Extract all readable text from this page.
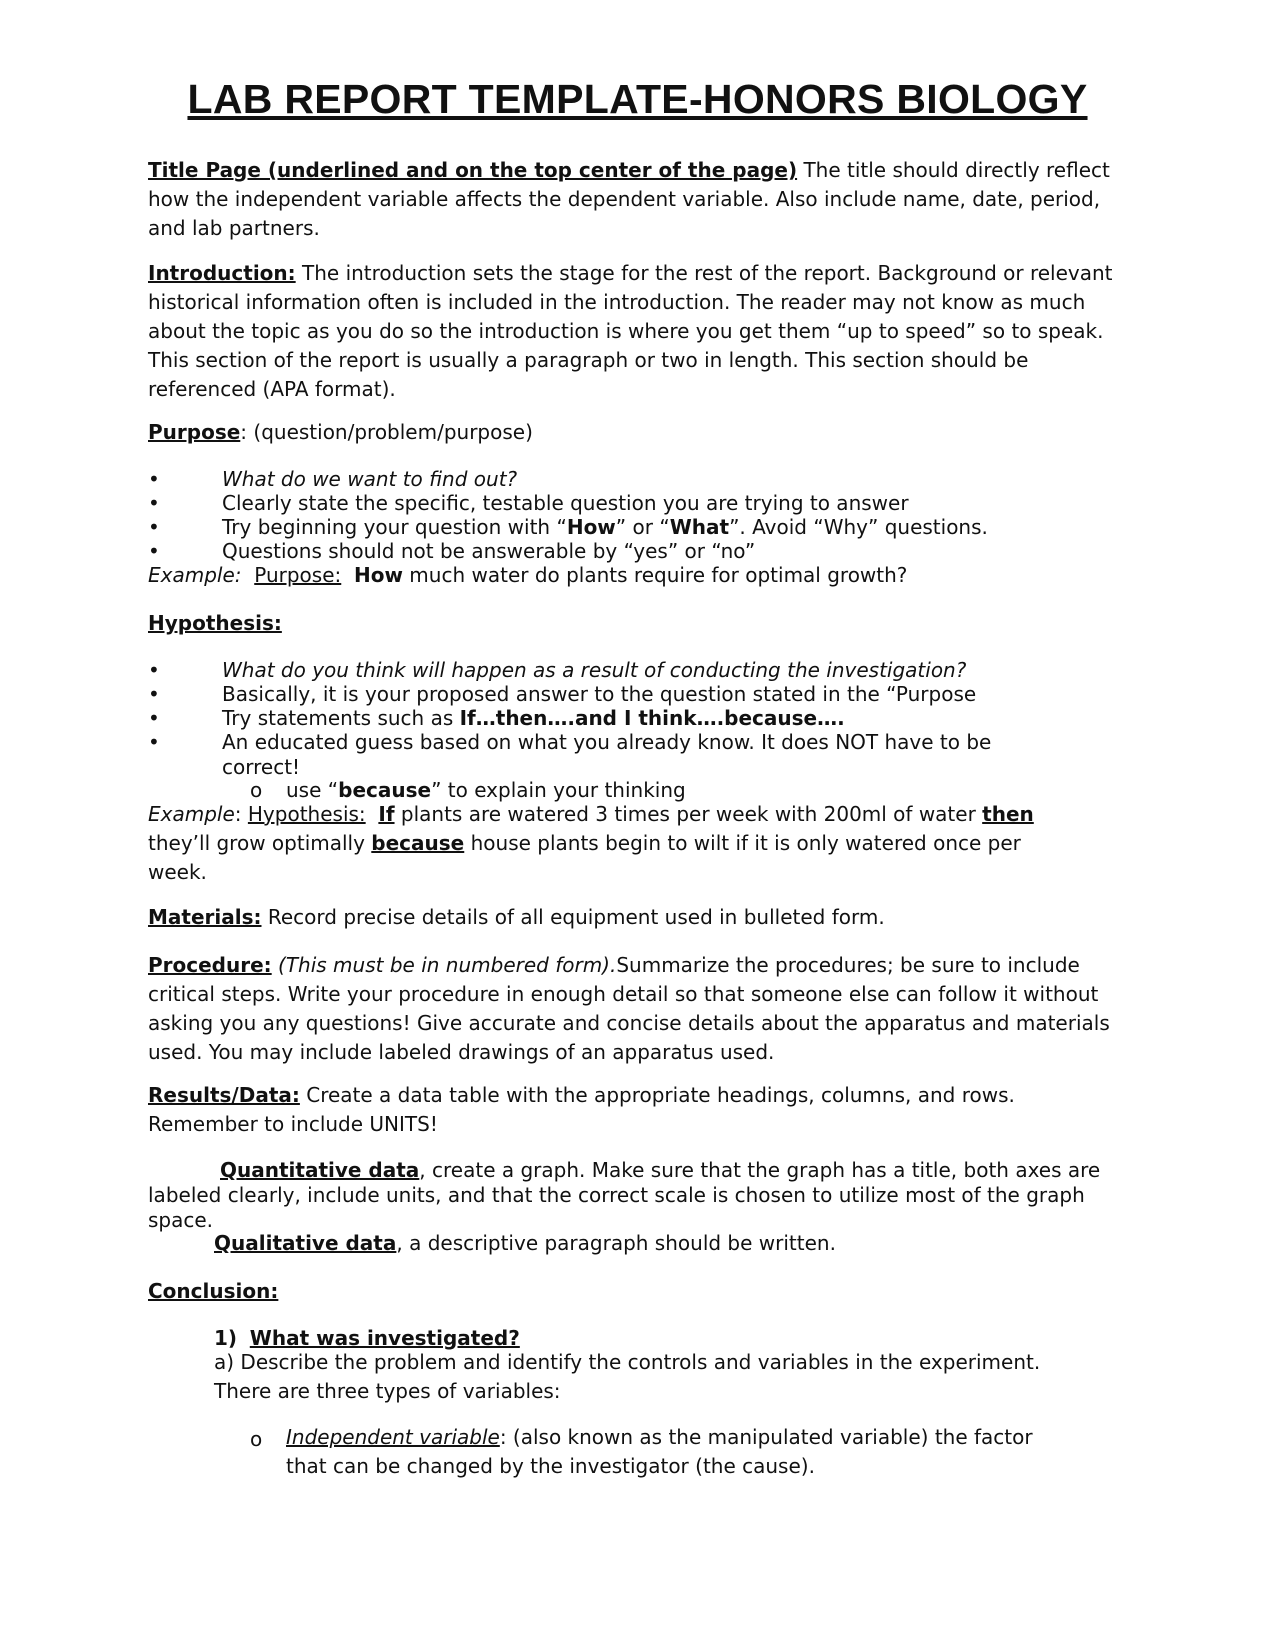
LAB REPORT TEMPLATE-HONORS BIOLOGY
Title Page (underlined and on the top center of the page) The title should directly reflect how the independent variable affects the dependent variable. Also include name, date, period, and lab partners.
Introduction: The introduction sets the stage for the rest of the report. Background or relevant historical information often is included in the introduction. The reader may not know as much about the topic as you do so the introduction is where you get them “up to speed” so to speak. This section of the report is usually a paragraph or two in length. This section should be referenced (APA format).
Purpose: (question/problem/purpose)
•	What do we want to find out?
•	Clearly state the specific, testable question you are trying to answer
•	Try beginning your question with “How” or “What”. Avoid “Why” questions.
•	Questions should not be answerable by “yes” or “no”
Example: Purpose: How much water do plants require for optimal growth?
Hypothesis:
•	What do you think will happen as a result of conducting the investigation?
•	Basically, it is your proposed answer to the question stated in the “Purpose
•	Try statements such as If…then….and I think….because….
•	An educated guess based on what you already know. It does NOT have to be correct!
o use “because” to explain your thinking
Example: Hypothesis: If plants are watered 3 times per week with 200ml of water then
they’ll grow optimally because house plants begin to wilt if it is only watered once per
week.
Materials: Record precise details of all equipment used in bulleted form.
Procedure: (This must be in numbered form).Summarize the procedures; be sure to include critical steps. Write your procedure in enough detail so that someone else can follow it without asking you any questions! Give accurate and concise details about the apparatus and materials used. You may include labeled drawings of an apparatus used.
Results/Data: Create a data table with the appropriate headings, columns, and rows. Remember to include UNITS!
Quantitative data, create a graph. Make sure that the graph has a title, both axes are labeled clearly, include units, and that the correct scale is chosen to utilize most of the graph space.
Qualitative data, a descriptive paragraph should be written.
Conclusion:
1) What was investigated?
a) Describe the problem and identify the controls and variables in the experiment. There are three types of variables:
o Independent variable: (also known as the manipulated variable) the factor that can be changed by the investigator (the cause).
